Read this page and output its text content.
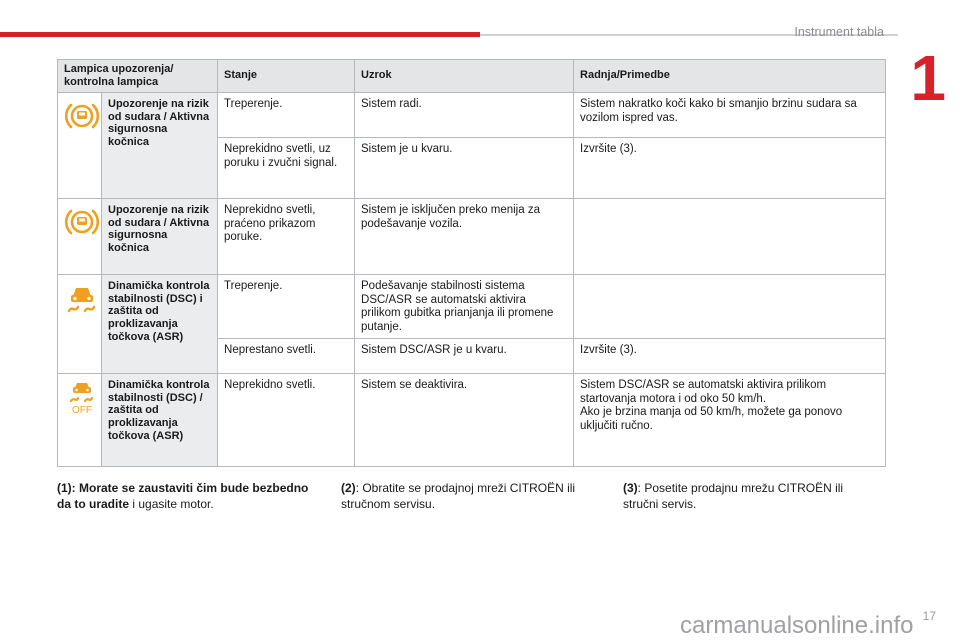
Instrument tabla
1
Lampica upozorenja/ kontrolna lampica		Stanje	Uzrok	Radnja/Primedbe

	Upozorenje na rizik od sudara / Aktivna sigurnosna kočnica	Treperenje.	Sistem radi.	Sistem nakratko koči kako bi smanjio brzinu sudara sa vozilom ispred vas.
		Neprekidno svetli, uz poruku i zvučni signal.	Sistem je u kvaru.	Izvršite (3).

	Upozorenje na rizik od sudara / Aktivna sigurnosna kočnica	Neprekidno svetli, praćeno prikazom poruke.	Sistem je isključen preko menija za podešavanje vozila.	

	Dinamička kontrola stabilnosti (DSC) i zaštita od proklizavanja točkova (ASR)	Treperenje.	Podešavanje stabilnosti sistema DSC/ASR se automatski aktivira prilikom gubitka prianjanja ili promene putanje.	
		Neprestano svetli.	Sistem DSC/ASR je u kvaru.	Izvršite (3).

OFF	Dinamička kontrola stabilnosti (DSC) / zaštita od proklizavanja točkova (ASR)	Neprekidno svetli.	Sistem se deaktivira.	Sistem DSC/ASR se automatski aktivira prilikom startovanja motora i od oko 50 km/h.
Ako je brzina manja od 50 km/h, možete ga ponovo uključiti ručno.
(1): Morate se zaustaviti čim bude bezbedno da to uradite i ugasite motor.
(2): Obratite se prodajnoj mreži CITROËN ili stručnom servisu.
(3): Posetite prodajnu mrežu CITROËN ili stručni servis.
carmanualsonline.info 17
